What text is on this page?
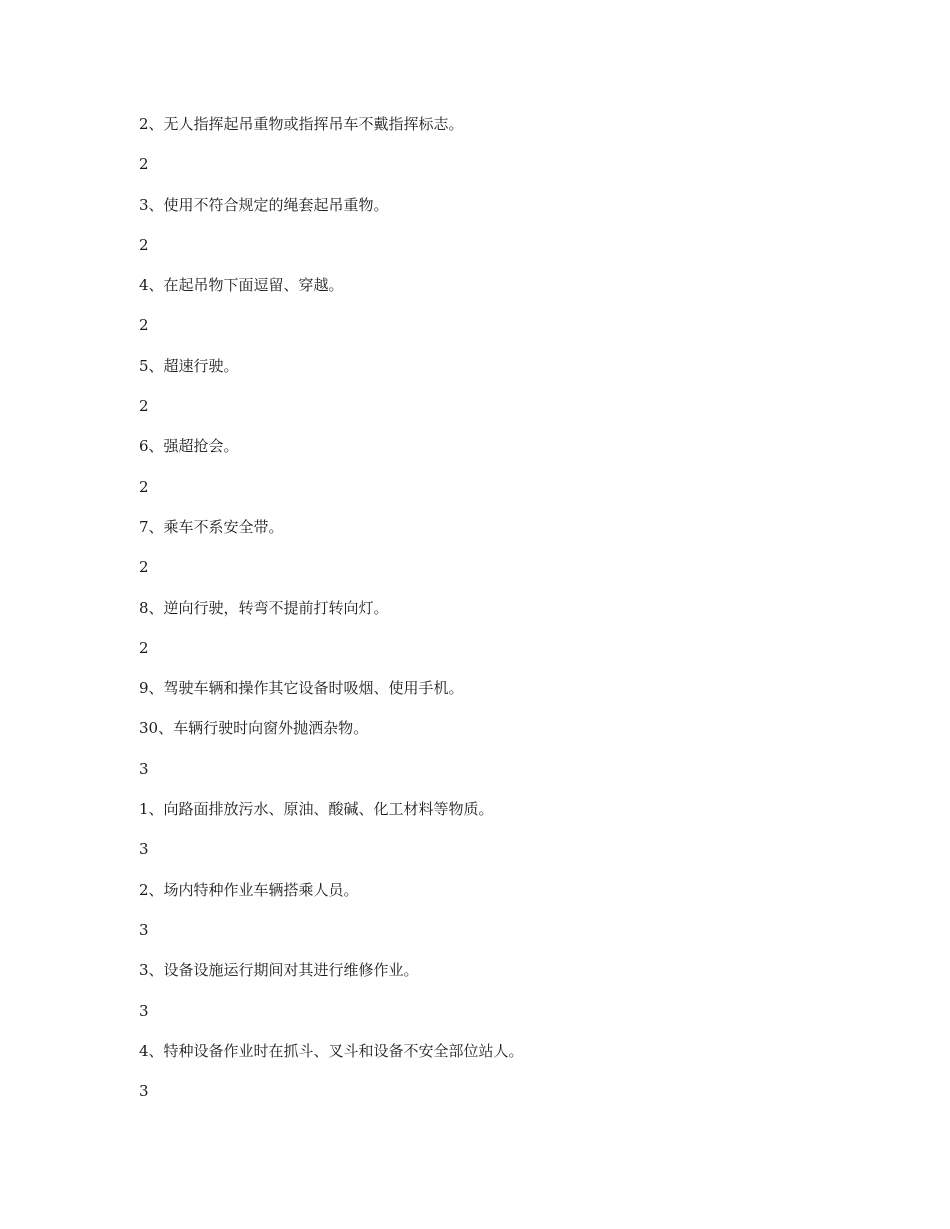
2、无人指挥起吊重物或指挥吊车不戴指挥标志。

2

3、使用不符合规定的绳套起吊重物。

2

4、在起吊物下面逗留、穿越。

2

5、超速行驶。

2

6、强超抢会。

2

7、乘车不系安全带。

2

8、逆向行驶，转弯不提前打转向灯。

2

9、驾驶车辆和操作其它设备时吸烟、使用手机。

30、车辆行驶时向窗外抛洒杂物。

3

1、向路面排放污水、原油、酸碱、化工材料等物质。

3

2、场内特种作业车辆搭乘人员。

3

3、设备设施运行期间对其进行维修作业。

3

4、特种设备作业时在抓斗、叉斗和设备不安全部位站人。

3
